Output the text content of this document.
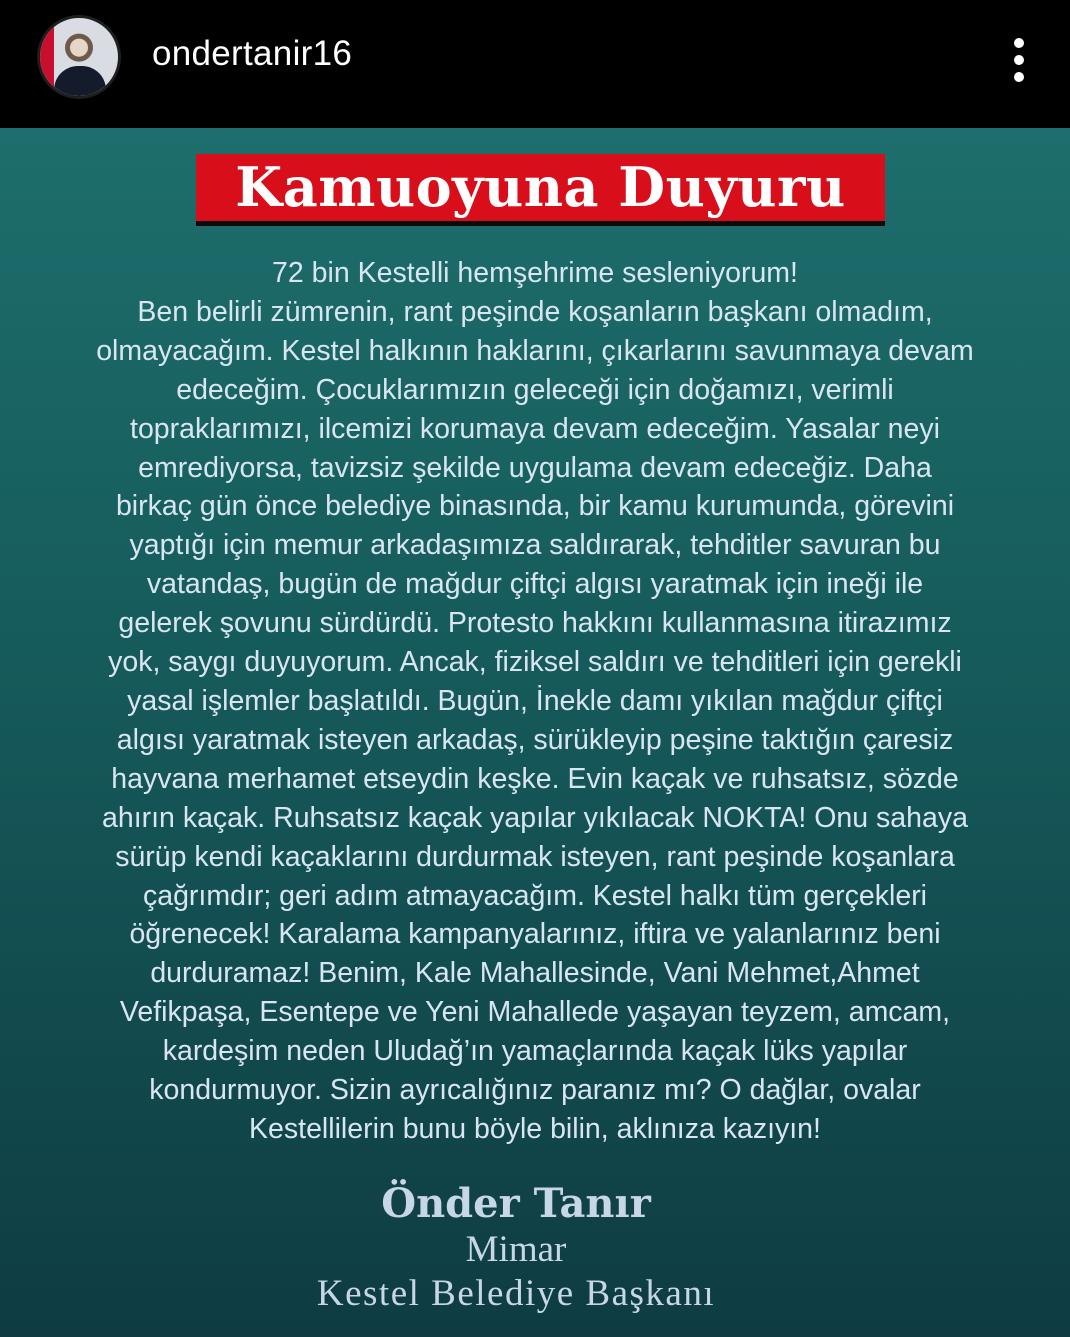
ondertanir16
Kamuoyuna Duyuru
72 bin Kestelli hemşehrime sesleniyorum!
Ben belirli zümrenin, rant peşinde koşanların başkanı olmadım,
olmayacağım. Kestel halkının haklarını, çıkarlarını savunmaya devam
edeceğim. Çocuklarımızın geleceği için doğamızı, verimli
topraklarımızı, ilcemizi korumaya devam edeceğim. Yasalar neyi
emrediyorsa, tavizsiz şekilde uygulama devam edeceğiz. Daha
birkaç gün önce belediye binasında, bir kamu kurumunda, görevini
yaptığı için memur arkadaşımıza saldırarak, tehditler savuran bu
vatandaş, bugün de mağdur çiftçi algısı yaratmak için ineği ile
gelerek şovunu sürdürdü. Protesto hakkını kullanmasına itirazımız
yok, saygı duyuyorum. Ancak, fiziksel saldırı ve tehditleri için gerekli
yasal işlemler başlatıldı. Bugün, İnekle damı yıkılan mağdur çiftçi
algısı yaratmak isteyen arkadaş, sürükleyip peşine taktığın çaresiz
hayvana merhamet etseydin keşke. Evin kaçak ve ruhsatsız, sözde
ahırın kaçak. Ruhsatsız kaçak yapılar yıkılacak NOKTA! Onu sahaya
sürüp kendi kaçaklarını durdurmak isteyen, rant peşinde koşanlara
çağrımdır; geri adım atmayacağım. Kestel halkı tüm gerçekleri
öğrenecek! Karalama kampanyalarınız, iftira ve yalanlarınız beni
durduramaz! Benim, Kale Mahallesinde, Vani Mehmet,Ahmet
Vefikpaşa, Esentepe ve Yeni Mahallede yaşayan teyzem, amcam,
kardeşim neden Uludağ’ın yamaçlarında kaçak lüks yapılar
kondurmuyor. Sizin ayrıcalığınız paranız mı? O dağlar, ovalar
Kestellilerin bunu böyle bilin, aklınıza kazıyın!
Önder Tanır
Mimar
Kestel Belediye Başkanı
